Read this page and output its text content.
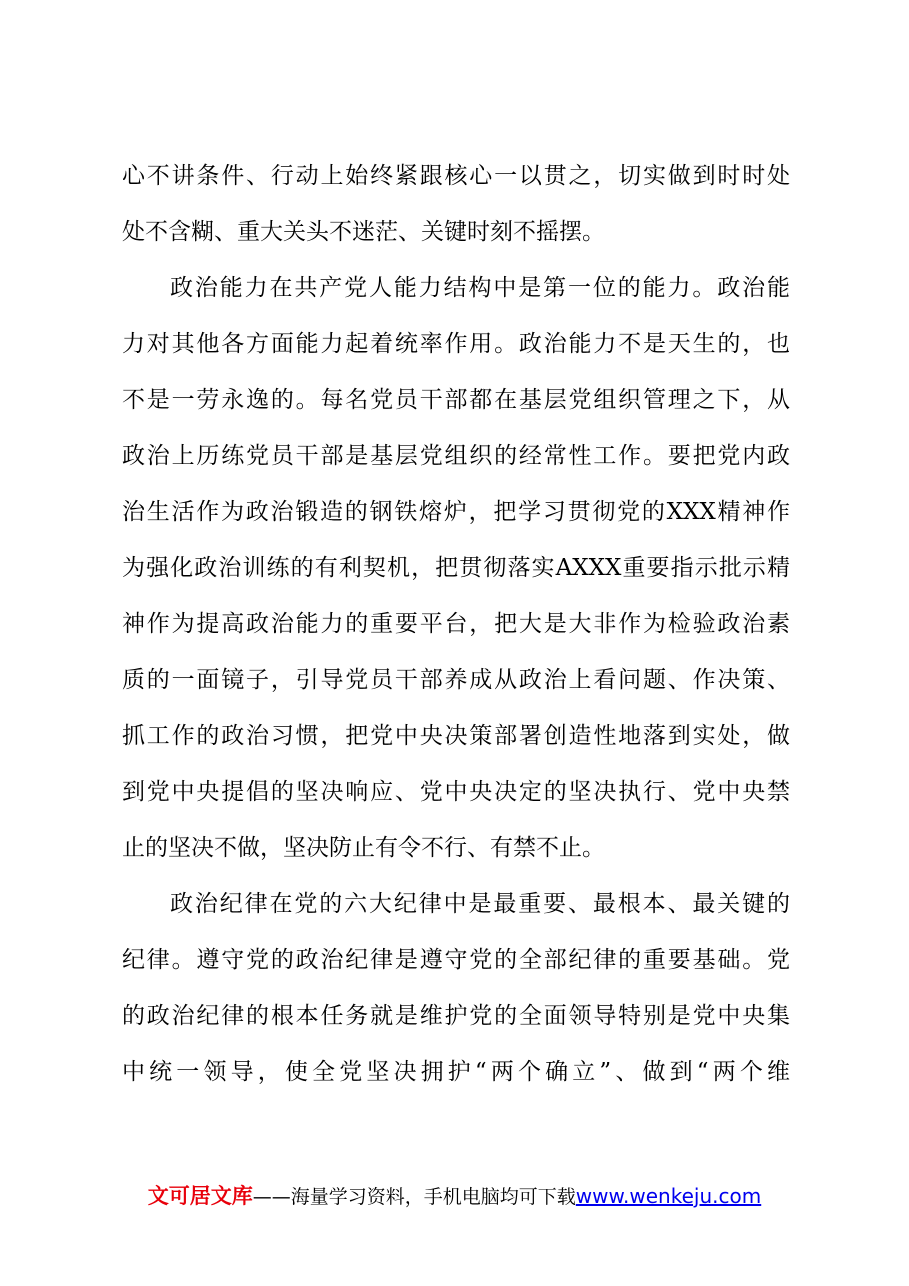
心不讲条件、行动上始终紧跟核心一以贯之，切实做到时时处
处不含糊、重大关头不迷茫、关键时刻不摇摆。
政治能力在共产党人能力结构中是第一位的能力。政治能
力对其他各方面能力起着统率作用。政治能力不是天生的，也
不是一劳永逸的。每名党员干部都在基层党组织管理之下，从
政治上历练党员干部是基层党组织的经常性工作。要把党内政
治生活作为政治锻造的钢铁熔炉，把学习贯彻党的XXX精神作
为强化政治训练的有利契机，把贯彻落实AXXX重要指示批示精
神作为提高政治能力的重要平台，把大是大非作为检验政治素
质的一面镜子，引导党员干部养成从政治上看问题、作决策、
抓工作的政治习惯，把党中央决策部署创造性地落到实处，做
到党中央提倡的坚决响应、党中央决定的坚决执行、党中央禁
止的坚决不做，坚决防止有令不行、有禁不止。
政治纪律在党的六大纪律中是最重要、最根本、最关键的
纪律。遵守党的政治纪律是遵守党的全部纪律的重要基础。党
的政治纪律的根本任务就是维护党的全面领导特别是党中央集
中统一领导，使全党坚决拥护“两个确立”、做到“两个维
文可居文库——海量学习资料，手机电脑均可下载www.wenkeju.com
